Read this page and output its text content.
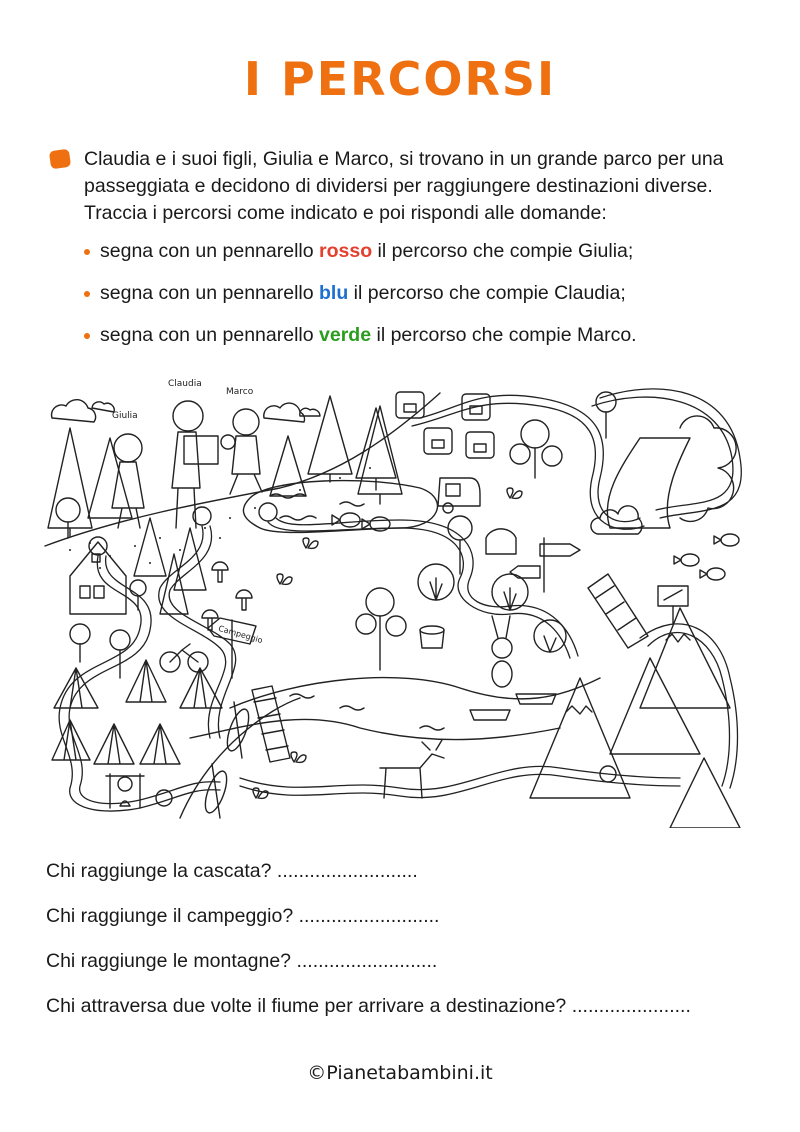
I PERCORSI

Claudia e i suoi figli, Giulia e Marco, si trovano in un grande parco per una passeggiata e decidono di dividersi per raggiungere destinazioni diverse. Traccia i percorsi come indicato e poi rispondi alle domande:

segna con un pennarello rosso il percorso che compie Giulia;
segna con un pennarello blu il percorso che compie Claudia;
segna con un pennarello verde il percorso che compie Marco.
Giulia
Claudia
Marco
Campeggio

Chi raggiunge la cascata? ..........................

Chi raggiunge il campeggio? ..........................

Chi raggiunge le montagne? ..........................

Chi attraversa due volte il fiume per arrivare a destinazione? ......................

©Pianetabambini.it
